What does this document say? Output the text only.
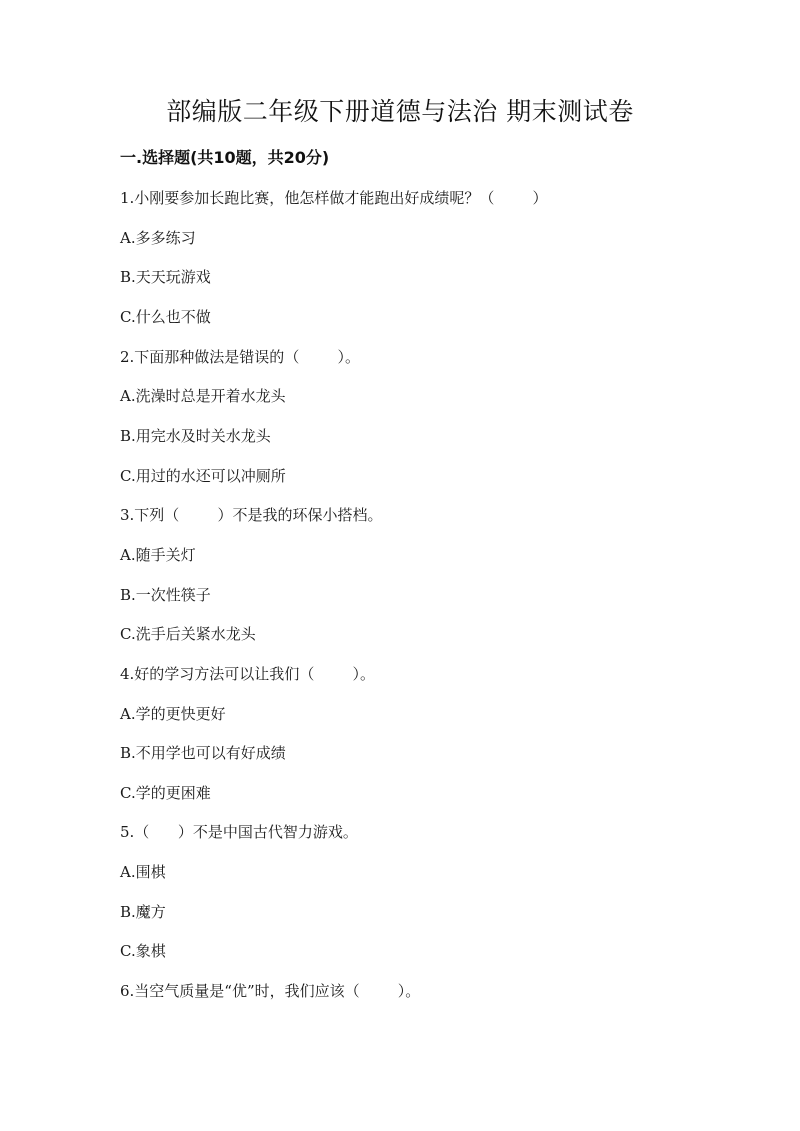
部编版二年级下册道德与法治 期末测试卷
一.选择题(共10题，共20分)
1.小刚要参加长跑比赛，他怎样做才能跑出好成绩呢？（        ）
A.多多练习
B.天天玩游戏
C.什么也不做
2.下面那种做法是错误的（        ）。
A.洗澡时总是开着水龙头
B.用完水及时关水龙头
C.用过的水还可以冲厕所
3.下列（        ）不是我的环保小搭档。
A.随手关灯
B.一次性筷子
C.洗手后关紧水龙头
4.好的学习方法可以让我们（        ）。
A.学的更快更好
B.不用学也可以有好成绩
C.学的更困难
5.（      ）不是中国古代智力游戏。
A.围棋
B.魔方
C.象棋
6.当空气质量是“优”时，我们应该（        ）。
